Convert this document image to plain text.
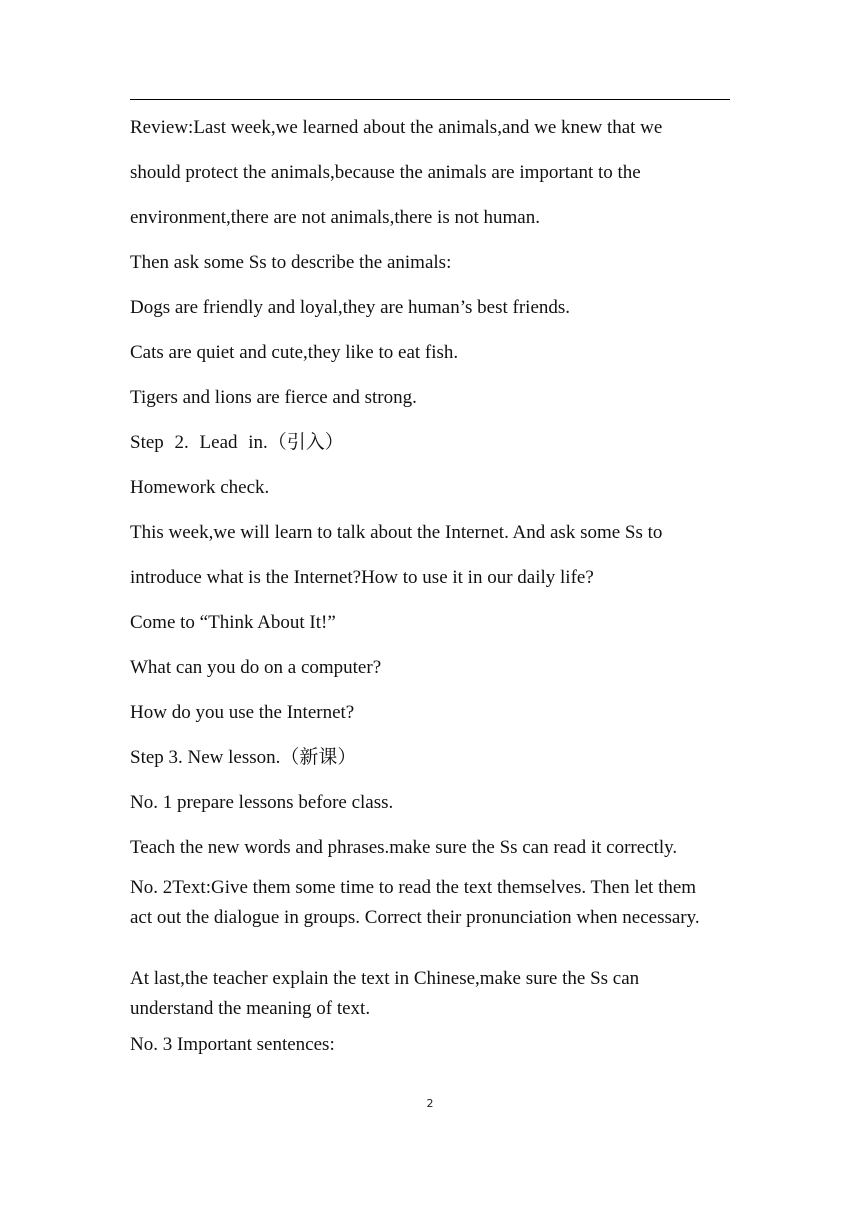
Review:Last week,we learned about the animals,and we knew that we
should protect the animals,because the animals are important to the
environment,there are not animals,there is not human.
Then ask some Ss to describe the animals:
Dogs are friendly and loyal,they are human’s best friends.
Cats are quiet and cute,they like to eat fish.
Tigers and lions are fierce and strong.
Step 2. Lead in.（引入）
Homework check.
This week,we will learn to talk about the Internet. And ask some Ss to
introduce what is the Internet?How to use it in our daily life?
Come to “Think About It!”
What can you do on a computer?
How do you use the Internet?
Step 3. New lesson.（新课）
No. 1 prepare lessons before class.
Teach the new words and phrases.make sure the Ss can read it correctly.
No. 2Text:Give them some time to read the text themselves. Then let them act out the dialogue in groups. Correct their pronunciation when necessary.
At last,the teacher explain the text in Chinese,make sure the Ss can understand the meaning of text.
No. 3 Important sentences:
2
